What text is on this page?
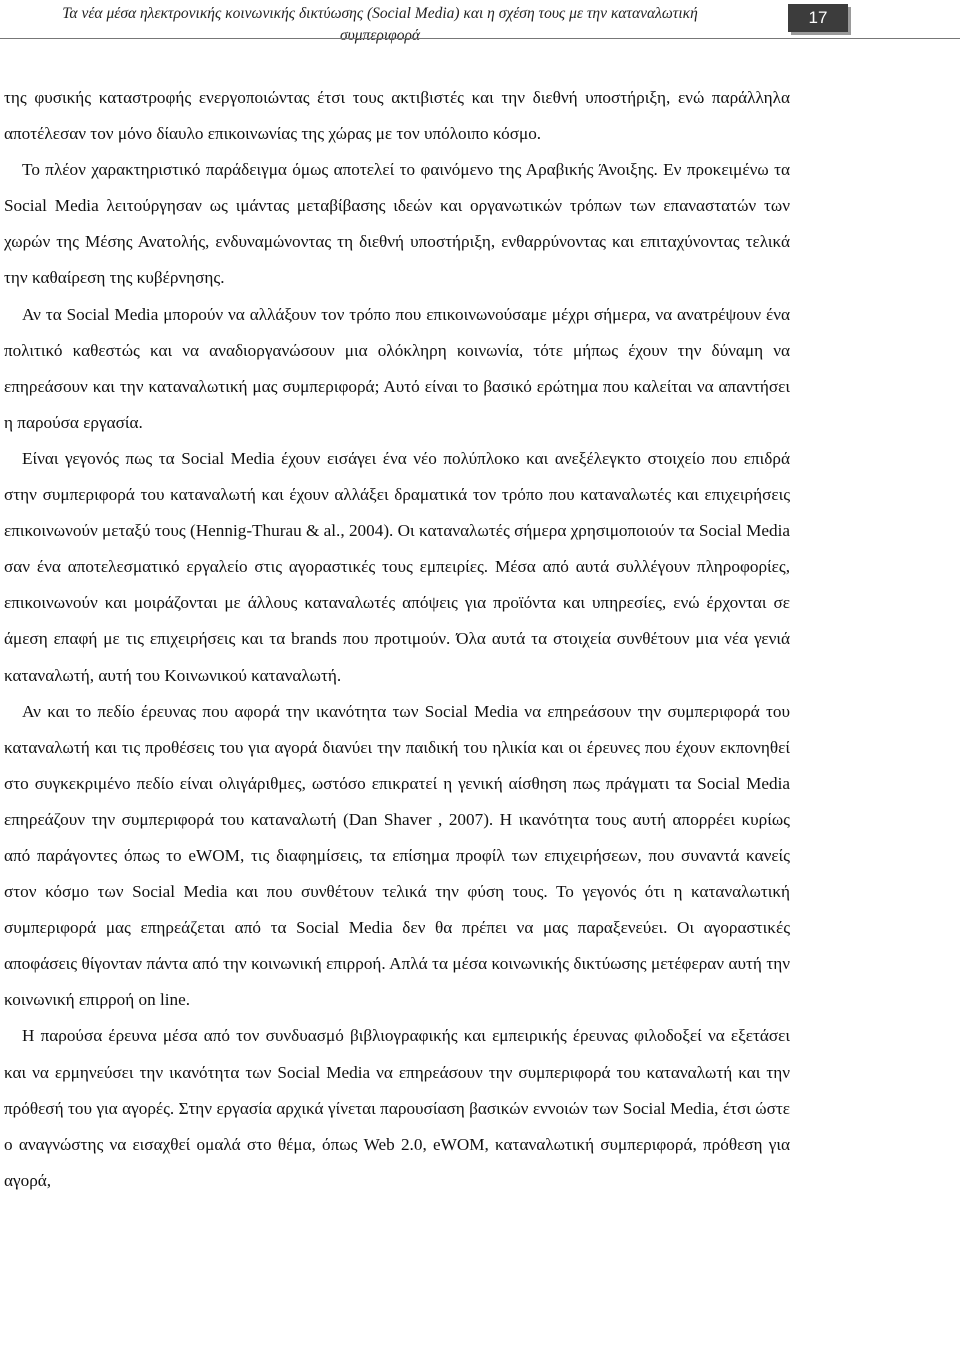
Τα νέα μέσα ηλεκτρονικής κοινωνικής δικτύωσης (Social Media) και η σχέση τους με την καταναλωτική συμπεριφορά
17

της φυσικής καταστροφής ενεργοποιώντας έτσι τους ακτιβιστές και την διεθνή υποστήριξη, ενώ παράλληλα αποτέλεσαν τον μόνο δίαυλο επικοινωνίας της χώρας με τον υπόλοιπο κόσμο.

Το πλέον χαρακτηριστικό παράδειγμα όμως αποτελεί το φαινόμενο της Αραβικής Άνοιξης. Εν προκειμένω τα Social Media λειτούργησαν ως ιμάντας μεταβίβασης ιδεών και οργανωτικών τρόπων των επαναστατών των χωρών της Μέσης Ανατολής, ενδυναμώνοντας τη διεθνή υποστήριξη, ενθαρρύνοντας και επιταχύνοντας τελικά την καθαίρεση της κυβέρνησης.

Αν τα Social Media μπορούν να αλλάξουν τον τρόπο που επικοινωνούσαμε μέχρι σήμερα, να ανατρέψουν ένα πολιτικό καθεστώς και να αναδιοργανώσουν μια ολόκληρη κοινωνία, τότε μήπως έχουν την δύναμη να επηρεάσουν και την καταναλωτική μας συμπεριφορά; Αυτό είναι το βασικό ερώτημα που καλείται να απαντήσει η παρούσα εργασία.

Είναι γεγονός πως τα Social Media έχουν εισάγει ένα νέο πολύπλοκο και ανεξέλεγκτο στοιχείο που επιδρά στην συμπεριφορά του καταναλωτή και έχουν αλλάξει δραματικά τον τρόπο που καταναλωτές και επιχειρήσεις επικοινωνούν μεταξύ τους (Hennig-Thurau & al., 2004). Οι καταναλωτές σήμερα χρησιμοποιούν τα Social Media σαν ένα αποτελεσματικό εργαλείο στις αγοραστικές τους εμπειρίες. Μέσα από αυτά συλλέγουν πληροφορίες, επικοινωνούν και μοιράζονται με άλλους καταναλωτές απόψεις για προϊόντα και υπηρεσίες, ενώ έρχονται σε άμεση επαφή με τις επιχειρήσεις και τα brands που προτιμούν. Όλα αυτά τα στοιχεία συνθέτουν μια νέα γενιά καταναλωτή, αυτή του Κοινωνικού καταναλωτή.

Αν και το πεδίο έρευνας που αφορά την ικανότητα των Social Media να επηρεάσουν την συμπεριφορά του καταναλωτή και τις προθέσεις του για αγορά διανύει την παιδική του ηλικία και οι έρευνες που έχουν εκπονηθεί στο συγκεκριμένο πεδίο είναι ολιγάριθμες, ωστόσο επικρατεί η γενική αίσθηση πως πράγματι τα Social Media επηρεάζουν την συμπεριφορά του καταναλωτή (Dan Shaver , 2007). Η ικανότητα τους αυτή απορρέει κυρίως από παράγοντες όπως το eWOM, τις διαφημίσεις, τα επίσημα προφίλ των επιχειρήσεων, που συναντά κανείς στον κόσμο των Social Media και που συνθέτουν τελικά την φύση τους. Το γεγονός ότι η καταναλωτική συμπεριφορά μας επηρεάζεται από τα Social Media δεν θα πρέπει να μας παραξενεύει. Οι αγοραστικές αποφάσεις θίγονταν πάντα από την κοινωνική επιρροή. Απλά τα μέσα κοινωνικής δικτύωσης μετέφεραν αυτή την κοινωνική επιρροή on line.

Η παρούσα έρευνα μέσα από τον συνδυασμό βιβλιογραφικής και εμπειρικής έρευνας φιλοδοξεί να εξετάσει και να ερμηνεύσει την ικανότητα των Social Media να επηρεάσουν την συμπεριφορά του καταναλωτή και την πρόθεσή του για αγορές. Στην εργασία αρχικά γίνεται παρουσίαση βασικών εννοιών των Social Media, έτσι ώστε ο αναγνώστης να εισαχθεί ομαλά στο θέμα, όπως Web 2.0, eWOM, καταναλωτική συμπεριφορά, πρόθεση για αγορά,
